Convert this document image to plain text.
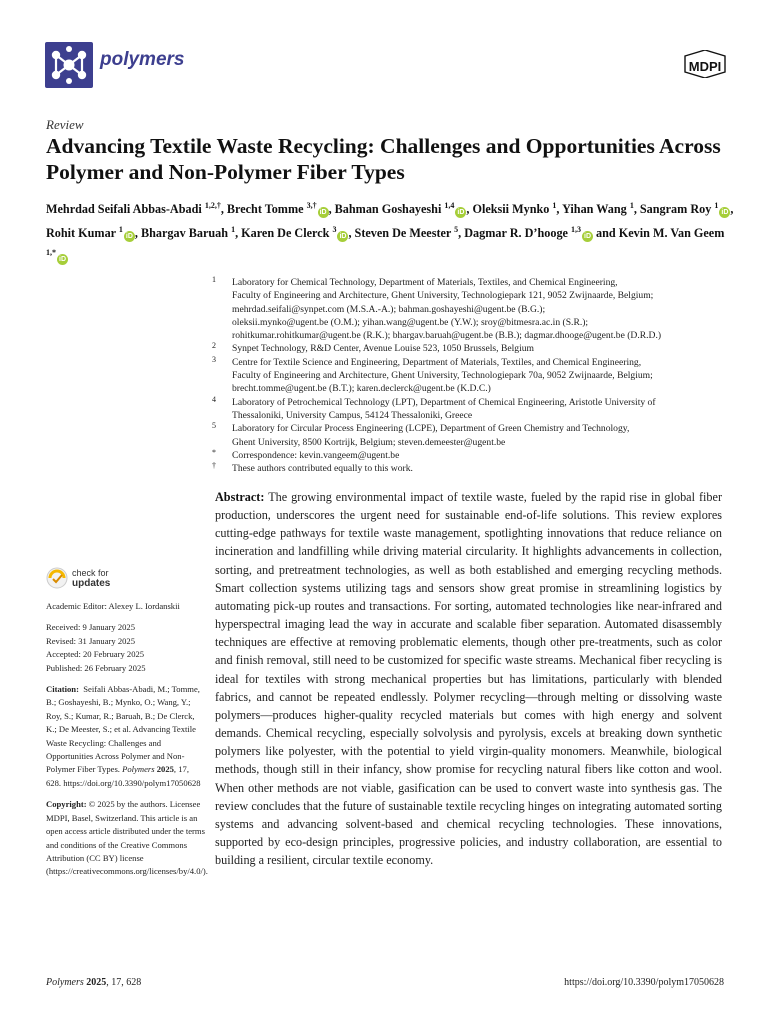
polymers	MDPI
Review
Advancing Textile Waste Recycling: Challenges and Opportunities Across Polymer and Non-Polymer Fiber Types
Mehrdad Seifali Abbas-Abadi $^{1,2,\dagger}$, Brecht Tomme $^{3,\dagger}$iD , Bahman Goshayeshi $^{1,4}$iD , Oleksii Mynko $^1$, Yihan Wang $^1$, Sangram Roy $^1$iD , Rohit Kumar $^1$iD , Bhargav Baruah $^1$, Karen De Clerck $^3$iD , Steven De Meester $^5$, Dagmar R. D’hooge $^{1,3}$iD and Kevin M. Van Geem $^{1,*}$iD
1 Laboratory for Chemical Technology, Department of Materials, Textiles, and Chemical Engineering,
Faculty of Engineering and Architecture, Ghent University, Technologiepark 121, 9052 Zwijnaarde, Belgium;
mehrdad.seifali@synpet.com (M.S.A.-A.); bahman.goshayeshi@ugent.be (B.G.);
oleksii.mynko@ugent.be (O.M.); yihan.wang@ugent.be (Y.W.); sroy@bitmesra.ac.in (S.R.);
rohitkumar.rohitkumar@ugent.be (R.K.); bhargav.baruah@ugent.be (B.B.); dagmar.dhooge@ugent.be (D.R.D.)
2 Synpet Technology, R&D Center, Avenue Louise 523, 1050 Brussels, Belgium
3 Centre for Textile Science and Engineering, Department of Materials, Textiles, and Chemical Engineering,
Faculty of Engineering and Architecture, Ghent University, Technologiepark 70a, 9052 Zwijnaarde, Belgium;
brecht.tomme@ugent.be (B.T.); karen.declerck@ugent.be (K.D.C.)
4 Laboratory of Petrochemical Technology (LPT), Department of Chemical Engineering, Aristotle University of
Thessaloniki, University Campus, 54124 Thessaloniki, Greece
5 Laboratory for Circular Process Engineering (LCPE), Department of Green Chemistry and Technology,
Ghent University, 8500 Kortrijk, Belgium; steven.demeester@ugent.be
* Correspondence: kevin.vangeem@ugent.be
† These authors contributed equally to this work.
check for
updates
Academic Editor: Alexey L. Iordanskii
Received: 9 January 2025
Revised: 31 January 2025
Accepted: 20 February 2025
Published: 26 February 2025
Citation: Seifali Abbas-Abadi, M.; Tomme, B.; Goshayeshi, B.; Mynko, O.; Wang, Y.; Roy, S.; Kumar, R.; Baruah, B.; De Clerck, K.; De Meester, S.; et al. Advancing Textile Waste Recycling: Challenges and Opportunities Across Polymer and Non-Polymer Fiber Types. Polymers 2025, 17, 628. https://doi.org/10.3390/polym17050628
Copyright: © 2025 by the authors. Licensee MDPI, Basel, Switzerland. This article is an open access article distributed under the terms and conditions of the Creative Commons Attribution (CC BY) license (https://creativecommons.org/licenses/by/4.0/).

Abstract: The growing environmental impact of textile waste, fueled by the rapid rise in global fiber production, underscores the urgent need for sustainable end-of-life solutions. This review explores cutting-edge pathways for textile waste management, spotlighting innovations that reduce reliance on incineration and landfilling while driving material circularity. It highlights advancements in collection, sorting, and pretreatment technologies, as well as both established and emerging recycling methods. Smart collection systems utilizing tags and sensors show great promise in streamlining logistics by automating pick-up routes and transactions. For sorting, automated technologies like near-infrared and hyperspectral imaging lead the way in accurate and scalable fiber separation. Automated disassembly techniques are effective at removing problematic elements, though other pre-treatments, such as color and finish removal, still need to be customized for specific waste streams. Mechanical fiber recycling is ideal for textiles with strong mechanical properties but has limitations, particularly with blended fabrics, and cannot be repeated endlessly. Polymer recycling—through melting or dissolving waste polymers—produces higher-quality recycled materials but comes with high energy and solvent demands. Chemical recycling, especially solvolysis and pyrolysis, excels at breaking down synthetic polymers like polyester, with the potential to yield virgin-quality monomers. Meanwhile, biological methods, though still in their infancy, show promise for recycling natural fibers like cotton and wool. When other methods are not viable, gasification can be used to convert waste into synthesis gas. The review concludes that the future of sustainable textile recycling hinges on integrating automated sorting systems and advancing solvent-based and chemical recycling technologies. These innovations, supported by eco-design principles, progressive policies, and industry collaboration, are essential to building a resilient, circular textile economy.

Polymers 2025, 17, 628	https://doi.org/10.3390/polym17050628
